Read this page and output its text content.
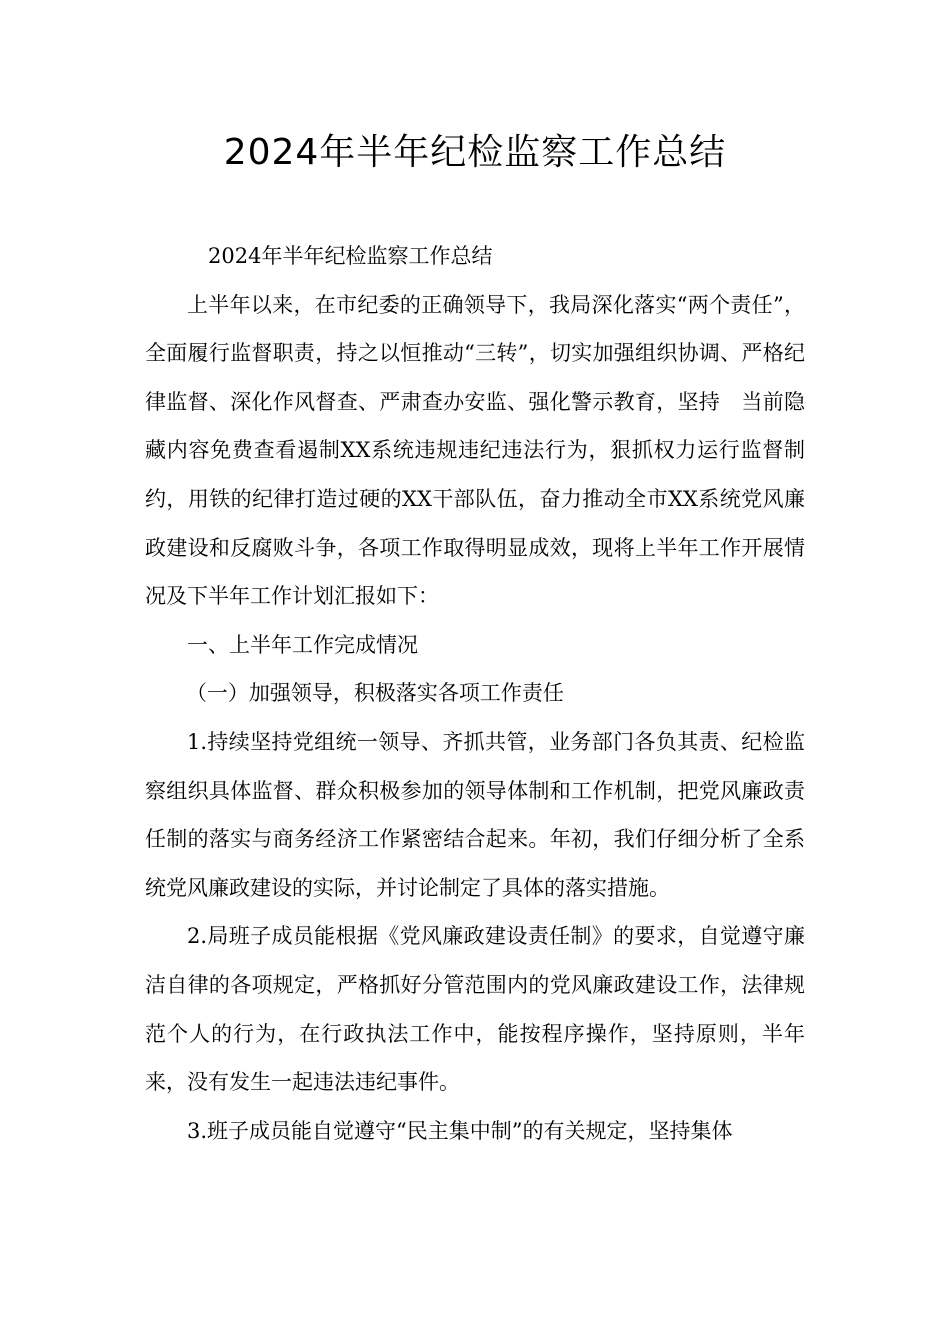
2024年半年纪检监察工作总结

2024年半年纪检监察工作总结

上半年以来，在市纪委的正确领导下，我局深化落实“两个责任”，全面履行监督职责，持之以恒推动“三转”，切实加强组织协调、严格纪律监督、深化作风督查、严肃查办安监、强化警示教育，坚持　当前隐藏内容免费查看遏制XX系统违规违纪违法行为，狠抓权力运行监督制约，用铁的纪律打造过硬的XX干部队伍，奋力推动全市XX系统党风廉政建设和反腐败斗争，各项工作取得明显成效，现将上半年工作开展情况及下半年工作计划汇报如下：

一、上半年工作完成情况

（一）加强领导，积极落实各项工作责任

1.持续坚持党组统一领导、齐抓共管，业务部门各负其责、纪检监察组织具体监督、群众积极参加的领导体制和工作机制，把党风廉政责任制的落实与商务经济工作紧密结合起来。年初，我们仔细分析了全系统党风廉政建设的实际，并讨论制定了具体的落实措施。

2.局班子成员能根据《党风廉政建设责任制》的要求，自觉遵守廉洁自律的各项规定，严格抓好分管范围内的党风廉政建设工作，法律规范个人的行为，在行政执法工作中，能按程序操作，坚持原则，半年来，没有发生一起违法违纪事件。

3.班子成员能自觉遵守“民主集中制”的有关规定，坚持集体
